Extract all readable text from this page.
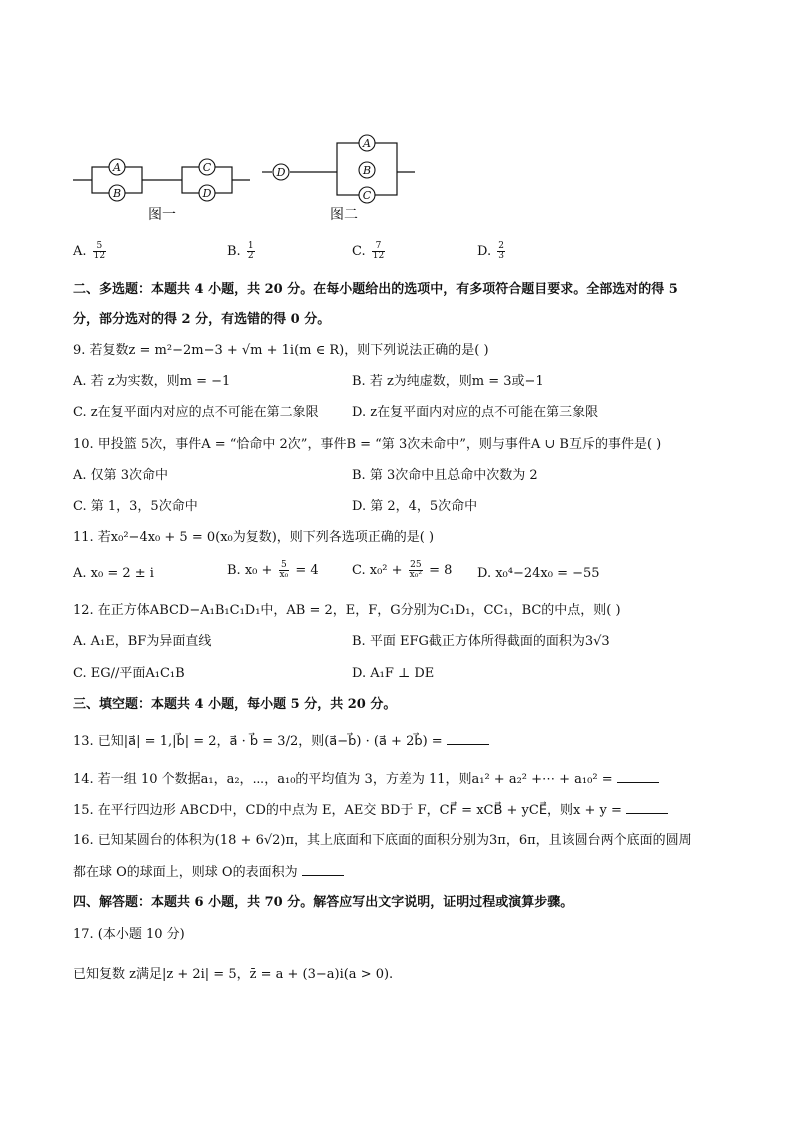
A
B
C
D
D
A
B
C
图一	图二
A. $\frac{5}{12}$	B. $\frac{1}{2}$	C. $\frac{7}{12}$	D. $\frac{2}{3}$
二、多选题：本题共 4 小题，共 20 分。在每小题给出的选项中，有多项符合题目要求。全部选对的得 5
分，部分选对的得 2 分，有选错的得 0 分。
9. 若复数z = m²−2m−3 + √m + 1i(m ∈ R)，则下列说法正确的是( )
A. 若 z为实数，则m = −1	B. 若 z为纯虚数，则m = 3或−1
C. z在复平面内对应的点不可能在第二象限	D. z在复平面内对应的点不可能在第三象限
10. 甲投篮 5次，事件A = “恰命中 2次”，事件B = “第 3次未命中”，则与事件A ∪ B互斥的事件是( )
A. 仅第 3次命中	B. 第 3次命中且总命中次数为 2
C. 第 1，3，5次命中	D. 第 2，4，5次命中
11. 若x₀²−4x₀ + 5 = 0(x₀为复数)，则下列各选项正确的是( )
A. x₀ = 2 ± i	B. $x_0 + \frac{5}{\text{x₀}} = 4$	C. $x_0^2 + \frac{25}{\text{x₀²}} = 8$ D. x₀⁴−24x₀ = −55
12. 在正方体ABCD−A₁B₁C₁D₁中，AB = 2，E，F，G分别为C₁D₁，CC₁，BC的中点，则( )
A. A₁E，BF为异面直线	B. 平面 EFG截正方体所得截面的面积为3√3
C. EG//平面A₁C₁B	D. A₁F ⊥ DE
三、填空题：本题共 4 小题，每小题 5 分，共 20 分。
13. 已知|a⃗| = 1,|b⃗| = 2，a⃗ · b⃗ = 3/2，则(a⃗−b⃗) · (a⃗ + 2b⃗) =
14. 若一组 10 个数据a₁，a₂，⋯，a₁₀的平均值为 3，方差为 11，则a₁² + a₂² +⋯ + a₁₀² =
15. 在平行四边形 ABCD中，CD的中点为 E，AE交 BD于 F，CF⃗ = xCB⃗ + yCE⃗，则x + y =
16. 已知某圆台的体积为(18 + 6√2)π，其上底面和下底面的面积分别为3π，6π，且该圆台两个底面的圆周
都在球 O的球面上，则球 O的表面积为
四、解答题：本题共 6 小题，共 70 分。解答应写出文字说明，证明过程或演算步骤。
17. (本小题 10 分)
已知复数 z满足|z + 2i| = 5，z̄ = a + (3−a)i(a > 0).
